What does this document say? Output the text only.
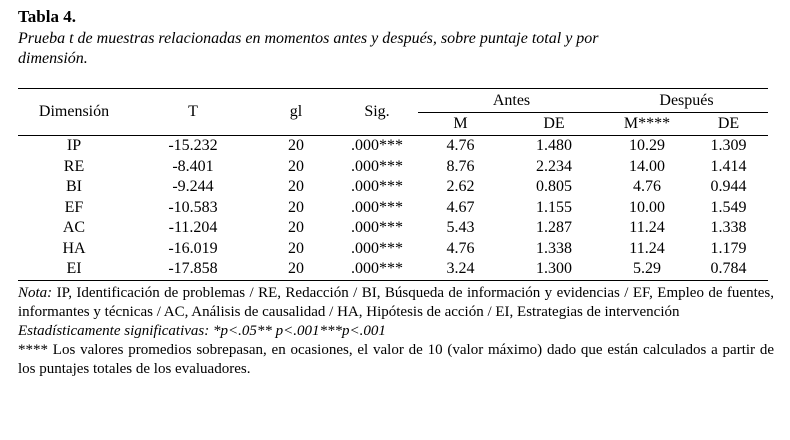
Tabla 4.

Prueba t de muestras relacionadas en momentos antes y después, sobre puntaje total y por
dimensión.

Dimensión	T	gl	Sig.	Antes		Después	
				M	DE	M****	DE
IP	-15.232	20	.000***	4.76	1.480	10.29	1.309
RE	-8.401	20	.000***	8.76	2.234	14.00	1.414
BI	-9.244	20	.000***	2.62	0.805	4.76	0.944
EF	-10.583	20	.000***	4.67	1.155	10.00	1.549
AC	-11.204	20	.000***	5.43	1.287	11.24	1.338
HA	-16.019	20	.000***	4.76	1.338	11.24	1.179
EI	-17.858	20	.000***	3.24	1.300	5.29	0.784

Nota: IP, Identificación de problemas / RE, Redacción / BI, Búsqueda de información y evidencias / EF, Empleo de fuentes, informantes y técnicas / AC, Análisis de causalidad / HA, Hipótesis de acción / EI, Estrategias de intervención

Estadísticamente significativas: *p<.05** p<.001***p<.001

**** Los valores promedios sobrepasan, en ocasiones, el valor de 10 (valor máximo) dado que están calculados a partir de los puntajes totales de los evaluadores.
